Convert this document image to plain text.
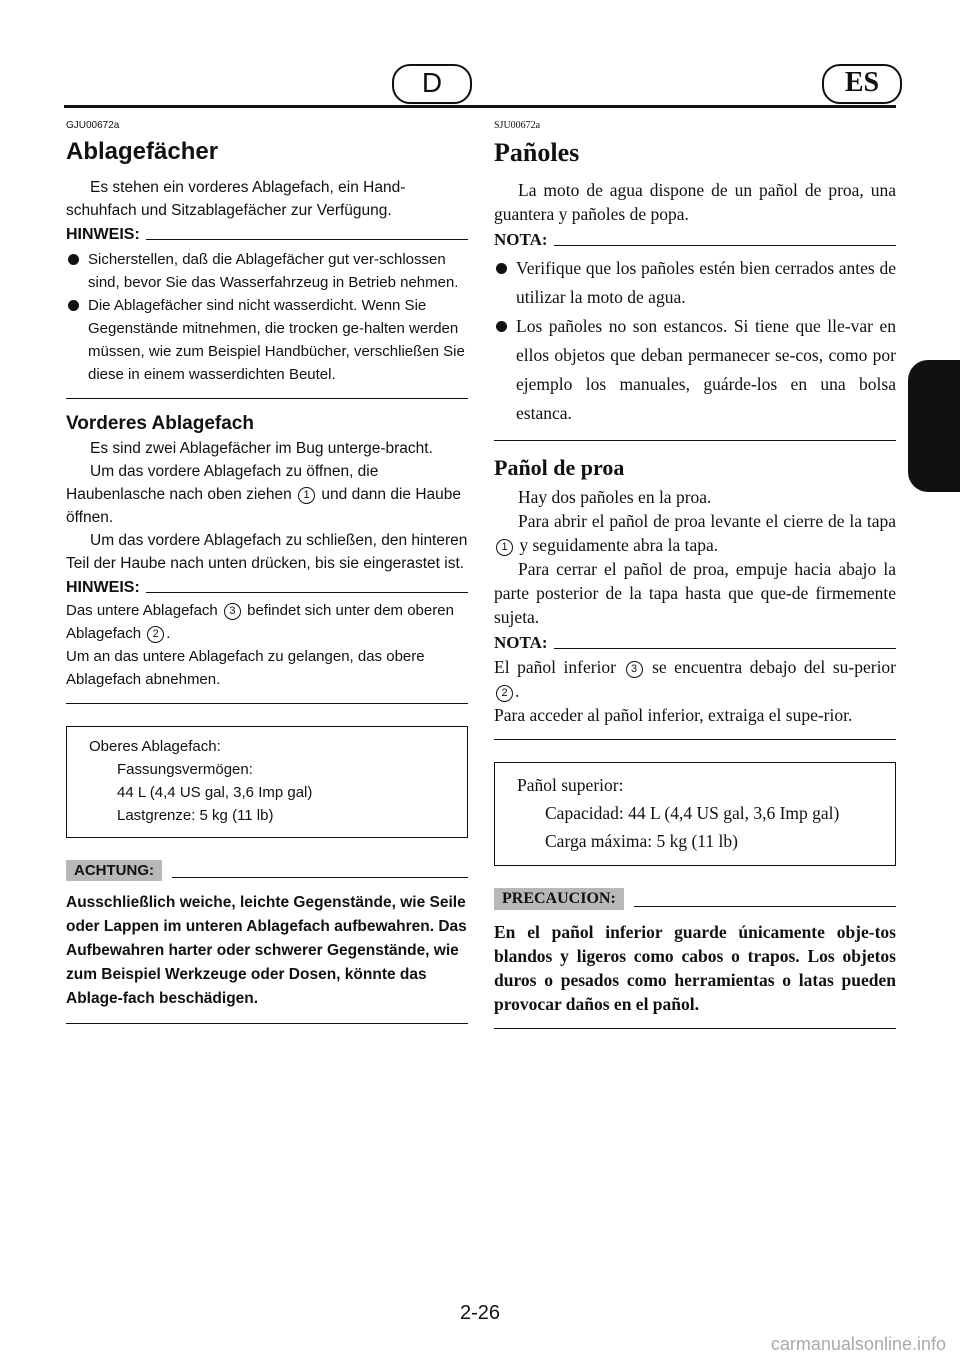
D	ES
GJU00672a
Ablagefächer

Es stehen ein vorderes Ablagefach, ein Hand-schuhfach und Sitzablagefächer zur Verfügung.

HINWEIS:
Sicherstellen, daß die Ablagefächer gut ver-schlossen sind, bevor Sie das Wasserfahrzeug in Betrieb nehmen.
Die Ablagefächer sind nicht wasserdicht. Wenn Sie Gegenstände mitnehmen, die trocken ge-halten werden müssen, wie zum Beispiel Handbücher, verschließen Sie diese in einem wasserdichten Beutel.
Vorderes Ablagefach

Es sind zwei Ablagefächer im Bug unterge-bracht.

Um das vordere Ablagefach zu öffnen, die Haubenlasche nach oben ziehen 1 und dann die Haube öffnen.

Um das vordere Ablagefach zu schließen, den hinteren Teil der Haube nach unten drücken, bis sie eingerastet ist.

HINWEIS:

Das untere Ablagefach 3 befindet sich unter dem oberen Ablagefach 2 .

Um an das untere Ablagefach zu gelangen, das obere Ablagefach abnehmen.

Oberes Ablagefach:

Fassungsvermögen:

44 L (4,4 US gal, 3,6 Imp gal)

Lastgrenze: 5 kg (11 lb)

ACHTUNG:

Ausschließlich weiche, leichte Gegenstände, wie Seile oder Lappen im unteren Ablagefach aufbewahren. Das Aufbewahren harter oder schwerer Gegenstände, wie zum Beispiel Werkzeuge oder Dosen, könnte das Ablage-fach beschädigen.

SJU00672a
Pañoles

La moto de agua dispone de un pañol de proa, una guantera y pañoles de popa.

NOTA:
Verifique que los pañoles estén bien cerrados antes de utilizar la moto de agua.
Los pañoles no son estancos. Si tiene que lle-var en ellos objetos que deban permanecer se-cos, como por ejemplo los manuales, guárde-los en una bolsa estanca.
Pañol de proa

Hay dos pañoles en la proa.

Para abrir el pañol de proa levante el cierre de la tapa 1 y seguidamente abra la tapa.

Para cerrar el pañol de proa, empuje hacia abajo la parte posterior de la tapa hasta que que-de firmemente sujeta.

NOTA:

El pañol inferior 3 se encuentra debajo del su-perior 2 .

Para acceder al pañol inferior, extraiga el supe-rior.

Pañol superior:

Capacidad: 44 L (4,4 US gal, 3,6 Imp gal)

Carga máxima: 5 kg (11 lb)

PRECAUCION:

En el pañol inferior guarde únicamente obje-tos blandos y ligeros como cabos o trapos. Los objetos duros o pesados como herramientas o latas pueden provocar daños en el pañol.

2-26
carmanualsonline.info
